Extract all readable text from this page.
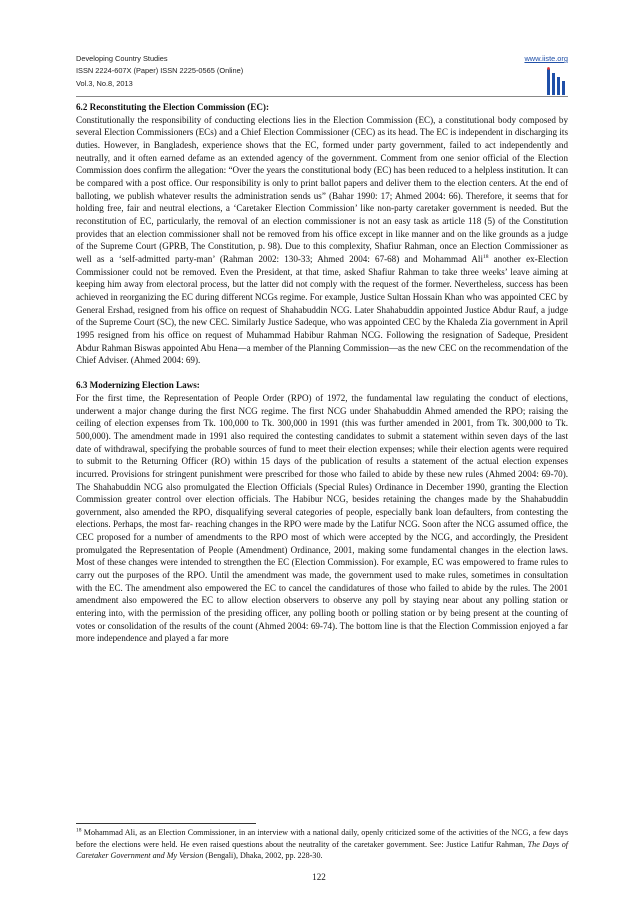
Developing Country Studies
ISSN 2224-607X (Paper) ISSN 2225-0565 (Online)
Vol.3, No.8, 2013
www.iiste.org

6.2 Reconstituting the Election Commission (EC):

Constitutionally the responsibility of conducting elections lies in the Election Commission (EC), a constitutional body composed by several Election Commissioners (ECs) and a Chief Election Commissioner (CEC) as its head. The EC is independent in discharging its duties. However, in Bangladesh, experience shows that the EC, formed under party government, failed to act independently and neutrally, and it often earned defame as an extended agency of the government. Comment from one senior official of the Election Commission does confirm the allegation: “Over the years the constitutional body (EC) has been reduced to a helpless institution. It can be compared with a post office. Our responsibility is only to print ballot papers and deliver them to the election centers. At the end of balloting, we publish whatever results the administration sends us” (Bahar 1990: 17; Ahmed 2004: 66). Therefore, it seems that for holding free, fair and neutral elections, a ‘Caretaker Election Commission’ like non-party caretaker government is needed. But the reconstitution of EC, particularly, the removal of an election commissioner is not an easy task as article 118 (5) of the Constitution provides that an election commissioner shall not be removed from his office except in like manner and on the like grounds as a judge of the Supreme Court (GPRB, The Constitution, p. 98). Due to this complexity, Shafiur Rahman, once an Election Commissioner as well as a ‘self-admitted party-man’ (Rahman 2002: 130-33; Ahmed 2004: 67-68) and Mohammad Ali$^{18}$ another ex-Election Commissioner could not be removed. Even the President, at that time, asked Shafiur Rahman to take three weeks’ leave aiming at keeping him away from electoral process, but the latter did not comply with the request of the former. Nevertheless, success has been achieved in reorganizing the EC during different NCGs regime. For example, Justice Sultan Hossain Khan who was appointed CEC by General Ershad, resigned from his office on request of Shahabuddin NCG. Later Shahabuddin appointed Justice Abdur Rauf, a judge of the Supreme Court (SC), the new CEC. Similarly Justice Sadeque, who was appointed CEC by the Khaleda Zia government in April 1995 resigned from his office on request of Muhammad Habibur Rahman NCG. Following the resignation of Sadeque, President Abdur Rahman Biswas appointed Abu Hena—a member of the Planning Commission—as the new CEC on the recommendation of the Chief Adviser. (Ahmed 2004: 69).

6.3 Modernizing Election Laws:

For the first time, the Representation of People Order (RPO) of 1972, the fundamental law regulating the conduct of elections, underwent a major change during the first NCG regime. The first NCG under Shahabuddin Ahmed amended the RPO; raising the ceiling of election expenses from Tk. 100,000 to Tk. 300,000 in 1991 (this was further amended in 2001, from Tk. 300,000 to Tk. 500,000). The amendment made in 1991 also required the contesting candidates to submit a statement within seven days of the last date of withdrawal, specifying the probable sources of fund to meet their election expenses; while their election agents were required to submit to the Returning Officer (RO) within 15 days of the publication of results a statement of the actual election expenses incurred. Provisions for stringent punishment were prescribed for those who failed to abide by these new rules (Ahmed 2004: 69-70). The Shahabuddin NCG also promulgated the Election Officials (Special Rules) Ordinance in December 1990, granting the Election Commission greater control over election officials. The Habibur NCG, besides retaining the changes made by the Shahabuddin government, also amended the RPO, disqualifying several categories of people, especially bank loan defaulters, from contesting the elections. Perhaps, the most far- reaching changes in the RPO were made by the Latifur NCG. Soon after the NCG assumed office, the CEC proposed for a number of amendments to the RPO most of which were accepted by the NCG, and accordingly, the President promulgated the Representation of People (Amendment) Ordinance, 2001, making some fundamental changes in the election laws. Most of these changes were intended to strengthen the EC (Election Commission). For example, EC was empowered to frame rules to carry out the purposes of the RPO. Until the amendment was made, the government used to make rules, sometimes in consultation with the EC. The amendment also empowered the EC to cancel the candidatures of those who failed to abide by the rules. The 2001 amendment also empowered the EC to allow election observers to observe any poll by staying near about any polling station or entering into, with the permission of the presiding officer, any polling booth or polling station or by being present at the counting of votes or consolidation of the results of the count (Ahmed 2004: 69-74). The bottom line is that the Election Commission enjoyed a far more independence and played a far more

$^{18}$ Mohammad Ali, as an Election Commissioner, in an interview with a national daily, openly criticized some of the activities of the NCG, a few days before the elections were held. He even raised questions about the neutrality of the caretaker government. See: Justice Latifur Rahman, The Days of Caretaker Government and My Version (Bengali), Dhaka, 2002, pp. 228-30.

122
